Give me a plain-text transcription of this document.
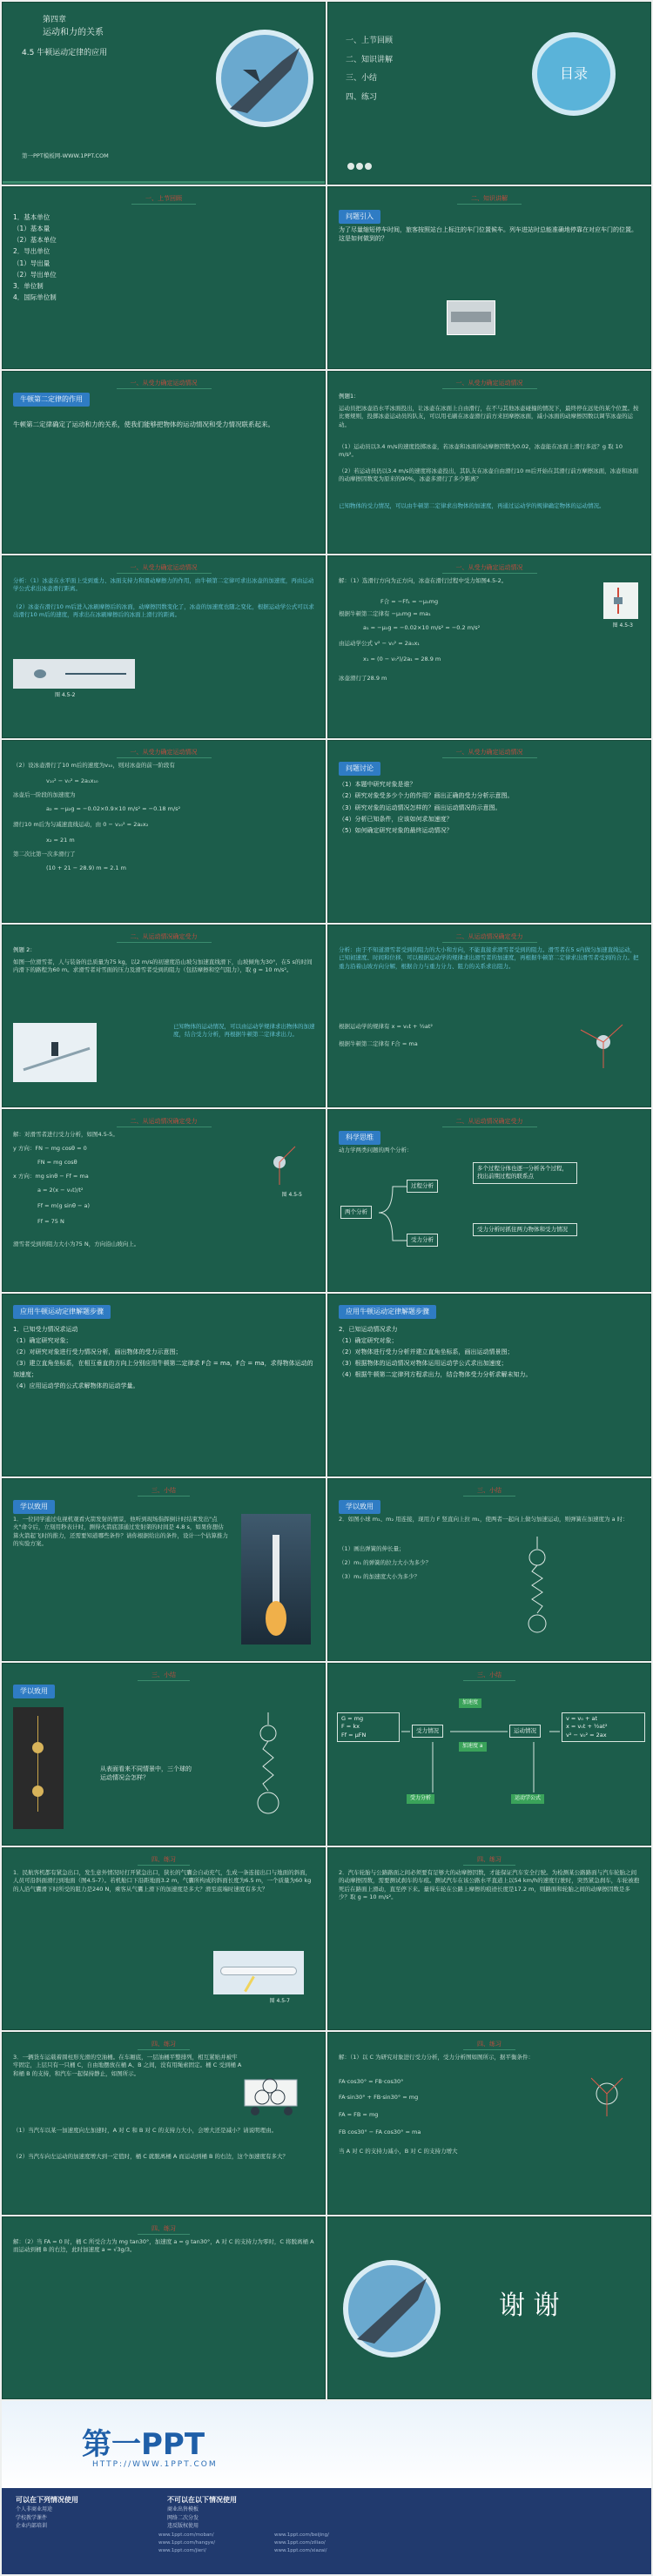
第四章
运动和力的关系
4.5 牛顿运动定律的应用
第一PPT模板网-WWW.1PPT.COM
一、上节回顾
二、知识讲解
三、小结
四、练习
目录

一、上节回顾
1．基本单位
（1）基本量
（2）基本单位
2．导出单位
（1）导出量
（2）导出单位
3．单位制
4．国际单位制
二、知识讲解
问题引入
为了尽量缩短停车时间，旅客按照站台上标注的车门位置候车。列车进站时总能准确地停靠在对应车门的位置。这是如何做到的？
一、从受力确定运动情况
牛顿第二定律的作用
牛顿第二定律确定了运动和力的关系，使我们能够把物体的运动情况和受力情况联系起来。
一、从受力确定运动情况
例题1：
运动员把冰壶沿水平冰面投出，让冰壶在冰面上自由滑行，在不与其他冰壶碰撞的情况下，最终停在远处的某个位置。按比赛规则，投掷冰壶运动员的队友，可以用毛刷在冰壶滑行前方来回摩擦冰面，减小冰面的动摩擦因数以调节冰壶的运动。
（1）运动员以3.4 m/s的速度投掷冰壶，若冰壶和冰面的动摩擦因数为0.02，冰壶能在冰面上滑行多远？g 取 10 m/s²。
（2）若运动员仍以3.4 m/s的速度将冰壶投出，其队友在冰壶自由滑行10 m后开始在其滑行前方摩擦冰面，冰壶和冰面的动摩擦因数变为原来的90%，冰壶多滑行了多少距离？
已知物体的受力情况，可以由牛顿第二定律求出物体的加速度，再通过运动学的规律确定物体的运动情况。
一、从受力确定运动情况
分析：（1）冰壶在水平面上受到重力、冰面支持力和滑动摩擦力的作用，由牛顿第二定律可求出冰壶的加速度，再由运动学公式求出冰壶滑行距离。
（2）冰壶在滑行10 m后进入冰刷摩擦后的冰面，动摩擦因数变化了，冰壶的加速度也随之变化，根据运动学公式可以求出滑行10 m后的速度，再求出在冰刷摩擦后的冰面上滑行的距离。
图 4.5-2
一、从受力确定运动情况
解：（1）选滑行方向为正方向，冰壶在滑行过程中受力如图4.5-2。
F合 = −Ff₁ = −μ₁mg
根据牛顿第二定律有 −μ₁mg = ma₁
a₁ = −μ₁g = −0.02×10 m/s² = −0.2 m/s²
由运动学公式 v² − v₀² = 2a₁x₁
x₁ = (0 − v₀²)/2a₁ = 28.9 m
冰壶滑行了28.9 m
图 4.5-3
一、从受力确定运动情况
（2）设冰壶滑行了10 m后的速度为v₁₀，则对冰壶的前一阶段有
v₁₀² − v₀² = 2a₁x₁₀
冰壶后一阶段的加速度为
a₂ = −μ₂g = −0.02×0.9×10 m/s² = −0.18 m/s²
滑行10 m后为匀减速直线运动，由 0 − v₁₀² = 2a₂x₂
x₂ = 21 m
第二次比第一次多滑行了
(10 + 21 − 28.9) m = 2.1 m
一、从受力确定运动情况
问题讨论
（1）本题中研究对象是谁？
（2）研究对象受多少个力的作用？画出正确的受力分析示意图。
（3）研究对象的运动情况怎样的？画出运动情况的示意图。
（4）分析已知条件，应该如何求加速度？
（5）如何确定研究对象的最终运动情况？
二、从运动情况确定受力
例题 2：
如图一位滑雪者，人与装备的总质量为75 kg，以2 m/s的初速度沿山坡匀加速直线滑下，山坡倾角为30°，在5 s的时间内滑下的路程为60 m。求滑雪者对雪面的压力及滑雪者受到的阻力（包括摩擦和空气阻力），取 g = 10 m/s²。
已知物体的运动情况，可以由运动学规律求出物体的加速度，结合受力分析，再根据牛顿第二定律求出力。
二、从运动情况确定受力
分析：由于不知道滑雪者受到的阻力的大小和方向，不能直接求滑雪者受到的阻力。滑雪者在5 s内做匀加速直线运动，已知初速度、时间和位移，可以根据运动学的规律求出滑雪者的加速度，再根据牛顿第二定律求出滑雪者受到的合力。把重力沿着山坡方向分解，根据合力与重力分力、阻力的关系求出阻力。
根据运动学的规律有 x = v₀t + ½at²
根据牛顿第二定律有 F合 = ma
二、从运动情况确定受力
解：对滑雪者进行受力分析，如图4.5-5。
y 方向：FN − mg cosθ = 0
FN = mg cosθ
x 方向：mg sinθ − Ff = ma
a = 2(x − v₀t)/t²
Ff = m(g sinθ − a)
Ff = 75 N
滑雪者受到的阻力大小为75 N，方向沿山坡向上。
图 4.5-5
二、从运动情况确定受力
科学思维
动力学两类问题的两个分析：
两个分析
过程分析
受力分析
多个过程分体也逐一分析各个过程，找出前期过程的联系点
受力分析时抓住两力物体和受力情况
应用牛顿运动定律解题步骤
1．已知受力情况求运动
（1）确定研究对象；
（2）对研究对象进行受力情况分析，画出物体的受力示意图；
（3）建立直角坐标系，在相互垂直的方向上分别应用牛顿第二定律求 F合 = ma，F合 = ma，求得物体运动的加速度；
（4）应用运动学的公式求解物体的运动学量。
应用牛顿运动定律解题步骤
2．已知运动情况求力
（1）确定研究对象；
（2）对物体进行受力分析并建立直角坐标系，画出运动情景图；
（3）根据物体的运动情况对物体运用运动学公式求出加速度；
（4）根据牛顿第二定律列方程求出力，结合物体受力分析求解未知力。
三、小结
学以致用
1．一位同学通过电视机观看火箭发射的情景，他听到现场指挥倒计时结束发出"点火"命令后，立刻用秒表计时，测得火箭底部通过发射架的时间是 4.8 s，如果你想估算火箭起飞时的推力，还需要知道哪些条件？请你根据给出的条件，设计一个估算推力的实验方案。
三、小结
学以致用
2．如图小球 m₁、m₂ 用连接，现用力 F 竖直向上拉 m₁，使两者一起向上做匀加速运动，则弹簧在加速度为 a 时：
（1）画出弹簧的伸长量；
（2）m₁ 的弹簧的拉力大小为多少？
（3）m₂ 的加速度大小为多少？
三、小结
学以致用
从表面看来不同情景中，三个球的运动情况会怎样？
三、小结
加速度
G = mg
F = kx
Ff = μFN
受力情况
加速度 a
运动情况
v = v₀ + at
x = v₀t + ½at²
v² − v₀² = 2ax
受力分析	运动学公式
四、练习
1．民航客机都有紧急出口，发生意外情况时打开紧急出口，狭长的气囊会自动充气，生成一条连接出口与地面的斜面，人员可沿斜面滑行到地面（图4.5-7）。若机舱口下沿距地面3.2 m，气囊所构成的斜面长度为6.5 m，一个质量为60 kg的人沿气囊滑下时所受的阻力是240 N，乘客从气囊上滑下的加速度是多大？滑至底端时速度有多大？
图 4.5-7
四、练习
2．汽车轮胎与公路路面之间必须要有足够大的动摩擦因数，才能保证汽车安全行驶。为检测某公路路面与汽车轮胎之间的动摩擦因数，需要测试刹车的车痕。测试汽车在该公路水平直道上以54 km/h的速度行驶时，突然紧急刹车，车轮被抱死后在路面上滑动，直至停下来。量得车轮在公路上摩擦的痕迹长度是17.2 m，则路面和轮胎之间的动摩擦因数是多少？取 g = 10 m/s²。
四、练习
3．一辆货车运载着圆柱形光滑的空油桶。在车厢底，一层油桶平整排列，相互紧贴并被牢牢固定，上层只有一只桶 C，自由地摆放在桶 A、B 之间，没有用绳索固定。桶 C 受到桶 A 和桶 B 的支持，和汽车一起保持静止，如图所示。
（1）当汽车以某一加速度向左加速时，A 对 C 和 B 对 C 的支持力大小，会增大还是减小？请说明理由。
（2）当汽车向左运动的加速度增大到一定值时，桶 C 就脱离桶 A 而运动到桶 B 的右边，这个加速度有多大？
四、练习
解：（1）以 C 为研究对象进行受力分析，受力分析图如图所示，据平衡条件：
FA·cos30° = FB·cos30°
FA·sin30° + FB·sin30° = mg
FA = FB = mg
FB cos30° − FA cos30° = ma
当 A 对 C 的支持力减小，B 对 C 的支持力增大
四、练习
解：（2）当 FA = 0 时，桶 C 所受合力为 mg tan30°，加速度 a = g tan30°，A 对 C 的支持力为零时，C 将脱离桶 A 而运动到桶 B 的右边，此时加速度 a = √3g/3。
谢 谢
第一PPT
HTTP://WWW.1PPT.COM
可以在下列情况使用
个人非商业用途
学校教学课件
企业内部培训
不可以在以下情况使用
商业出售模板
网络二次分发
违反版权使用
www.1ppt.com/moban/
www.1ppt.com/hangye/
www.1ppt.com/jieri/
www.1ppt.com/beijing/
www.1ppt.com/ziliao/
www.1ppt.com/xiazai/
